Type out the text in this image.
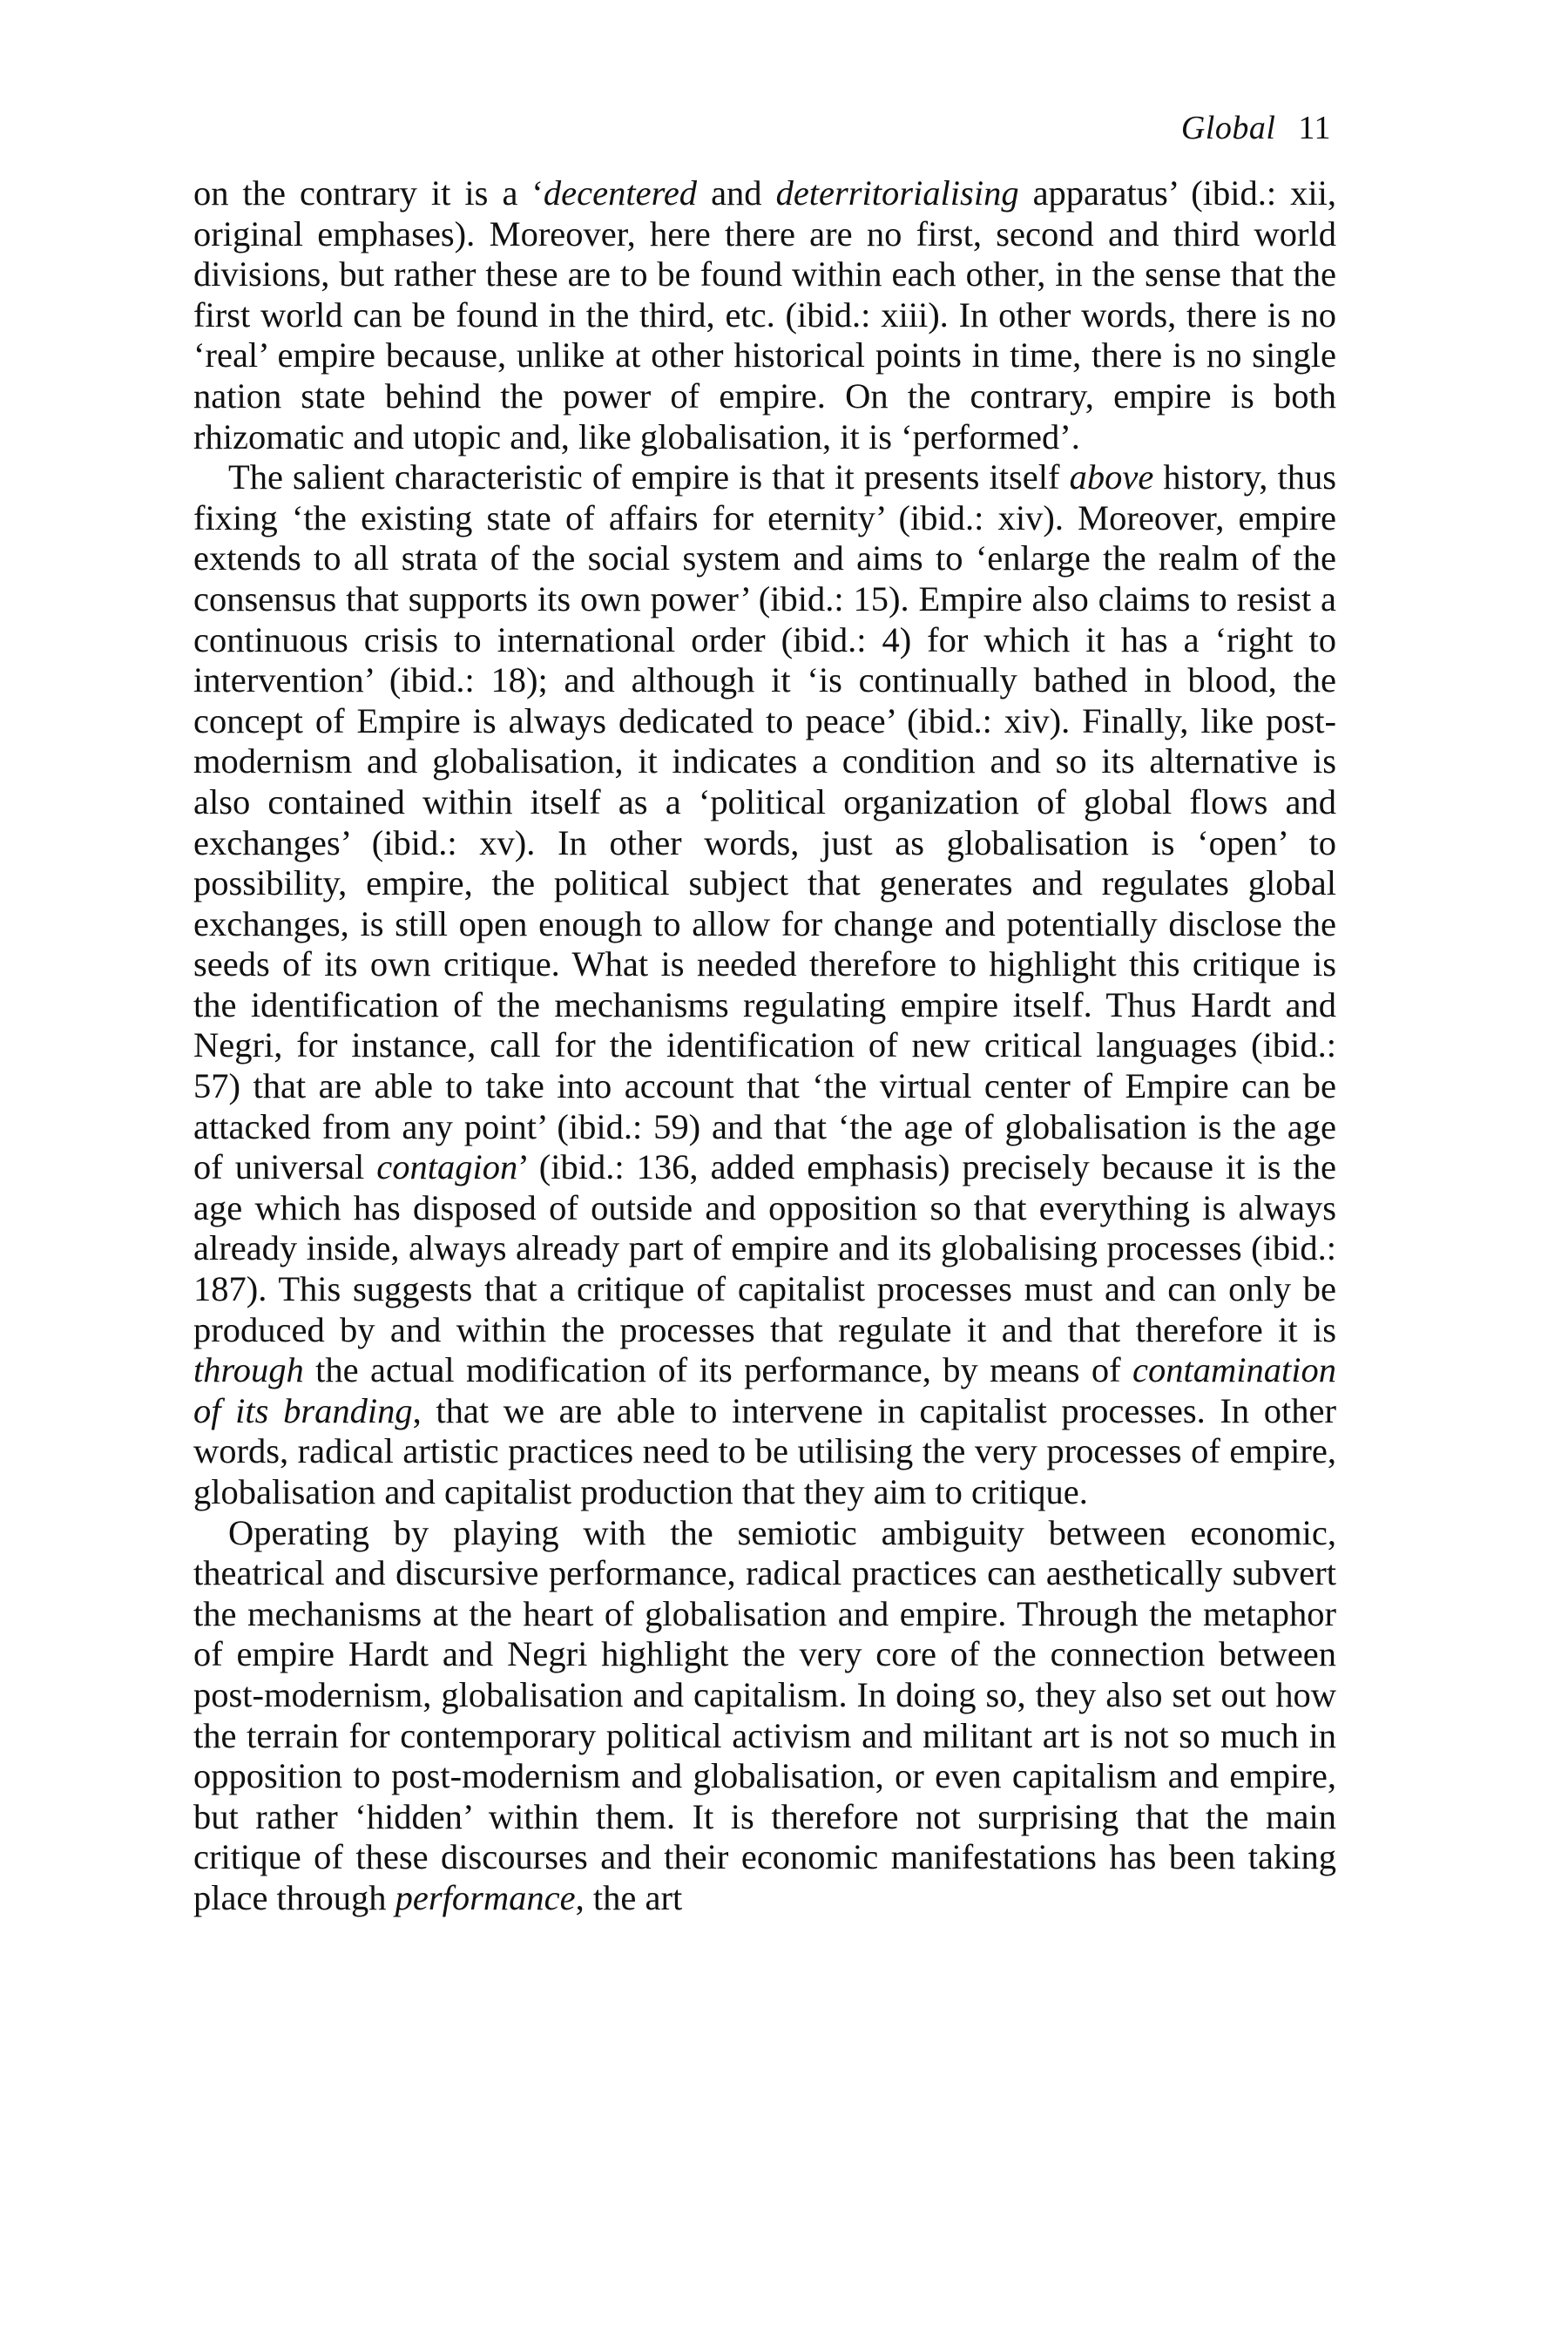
Global 11

on the contrary it is a ‘decentered and deterritorialising apparatus’ (ibid.: xii, original emphases). Moreover, here there are no first, second and third world divisions, but rather these are to be found within each other, in the sense that the first world can be found in the third, etc. (ibid.: xiii). In other words, there is no ‘real’ empire because, unlike at other historical points in time, there is no single nation state behind the power of empire. On the contrary, empire is both rhizomatic and utopic and, like globalisation, it is ‘performed’.

The salient characteristic of empire is that it presents itself above history, thus fixing ‘the existing state of affairs for eternity’ (ibid.: xiv). Moreover, empire extends to all strata of the social system and aims to ‘enlarge the realm of the consensus that supports its own power’ (ibid.: 15). Empire also claims to resist a continuous crisis to international order (ibid.: 4) for which it has a ‘right to intervention’ (ibid.: 18); and although it ‘is continually bathed in blood, the concept of Empire is always dedicated to peace’ (ibid.: xiv). Finally, like post-modernism and globalisation, it indicates a condition and so its alternative is also contained within itself as a ‘political organization of global flows and exchanges’ (ibid.: xv). In other words, just as globalisation is ‘open’ to possibility, empire, the political subject that generates and regulates global exchanges, is still open enough to allow for change and potentially disclose the seeds of its own critique. What is needed therefore to highlight this critique is the identification of the mechanisms regulating empire itself. Thus Hardt and Negri, for instance, call for the identification of new critical languages (ibid.: 57) that are able to take into account that ‘the virtual center of Empire can be attacked from any point’ (ibid.: 59) and that ‘the age of globalisation is the age of universal contagion’ (ibid.: 136, added emphasis) precisely because it is the age which has disposed of outside and opposition so that everything is always already inside, always already part of empire and its globalising processes (ibid.: 187). This suggests that a critique of capitalist processes must and can only be produced by and within the processes that regulate it and that therefore it is through the actual modification of its performance, by means of contamination of its branding, that we are able to intervene in capitalist processes. In other words, radical artistic practices need to be utilising the very processes of empire, globalisation and capitalist production that they aim to critique.

Operating by playing with the semiotic ambiguity between economic, theatrical and discursive performance, radical practices can aesthetically subvert the mechanisms at the heart of globalisation and empire. Through the metaphor of empire Hardt and Negri highlight the very core of the connection between post-modernism, globalisation and capitalism. In doing so, they also set out how the terrain for contemporary political activism and militant art is not so much in opposition to post-modernism and globalisation, or even capitalism and empire, but rather ‘hidden’ within them. It is therefore not surprising that the main critique of these discourses and their economic manifestations has been taking place through performance, the art
